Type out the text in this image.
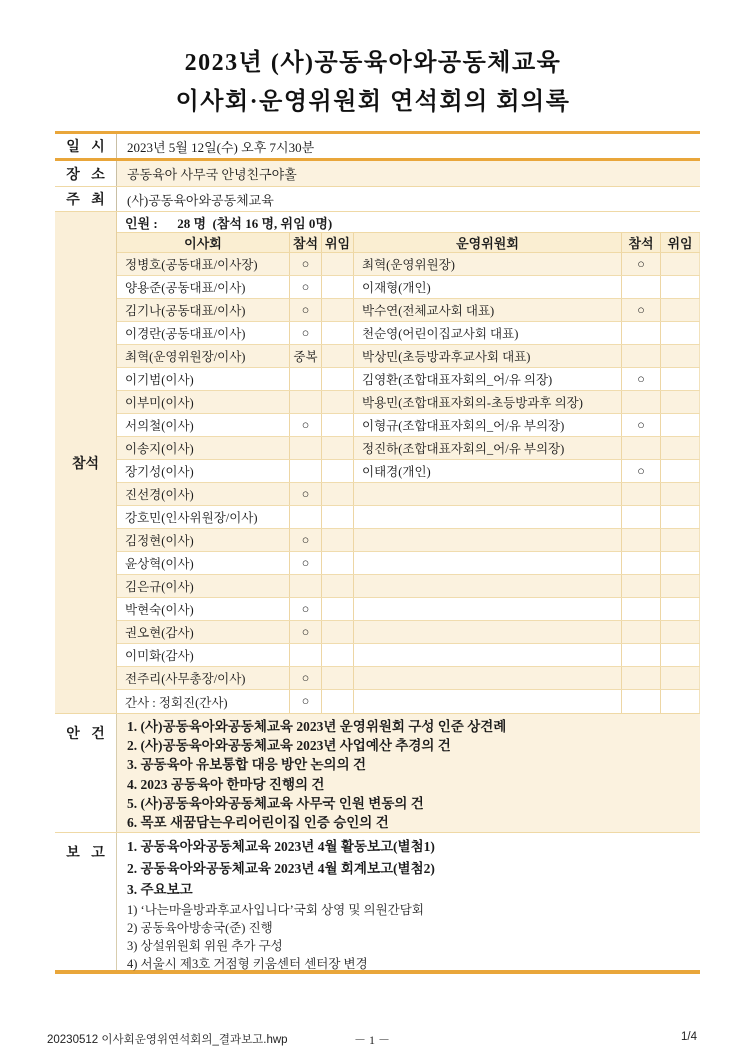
2023년 (사)공동육아와공동체교육
이사회·운영위원회 연석회의 회의록
일 시	2023년 5월 12일(수) 오후 7시30분
장 소	공동육아 사무국 안녕친구야홀
주 최	(사)공동육아와공동체교육
참석
인원 :      28 명  (참석 16 명, 위임 0명)
이사회	참석 위임	운영위원회	참석	위임
정병호(공동대표/이사장)	○	최혁(운영위원장)	○
양용준(공동대표/이사)	○	이재형(개인)
김기나(공동대표/이사)	○	박수연(전체교사회 대표)	○
이경란(공동대표/이사)	○	천순영(어린이집교사회 대표)
최혁(운영위원장/이사)	중복	박상민(초등방과후교사회 대표)
이기범(이사)	김영환(조합대표자회의_어/유 의장)	○
이부미(이사)	박용민(조합대표자회의-초등방과후 의장)
서의철(이사)	○	이형규(조합대표자회의_어/유 부의장)	○
이송지(이사)	정진하(조합대표자회의_어/유 부의장)
장기성(이사)	이태경(개인)	○
진선경(이사)	○
강호민(인사위원장/이사)
김정현(이사)	○
윤상혁(이사)	○
김은규(이사)
박현숙(이사)	○
권오현(감사)	○
이미화(감사)
전주리(사무총장/이사)	○
간사 : 정회진(간사)	○
안 건
1. (사)공동육아와공동체교육 2023년 운영위원회 구성 인준 상견례
2. (사)공동육아와공동체교육 2023년 사업예산 추경의 건
3. 공동육아 유보통합 대응 방안 논의의 건
4. 2023 공동육아 한마당 진행의 건
5. (사)공동육아와공동체교육 사무국 인원 변동의 건
6. 목포 새꿈담는우리어린이집 인증 승인의 건
보 고	1. 공동육아와공동체교육 2023년 4월 활동보고(별첨1)
2. 공동육아와공동체교육 2023년 4월 회계보고(별첨2)
3. 주요보고
1) ‘나는마을방과후교사입니다’국회 상영 및 의원간담회
2) 공동육아방송국(준) 진행
3) 상설위원회 위원 추가 구성
4) 서울시 제3호 거점형 키움센터 센터장 변경
20230512 이사회운영위연석회의_결과보고.hwp	－ 1 －	1/4
